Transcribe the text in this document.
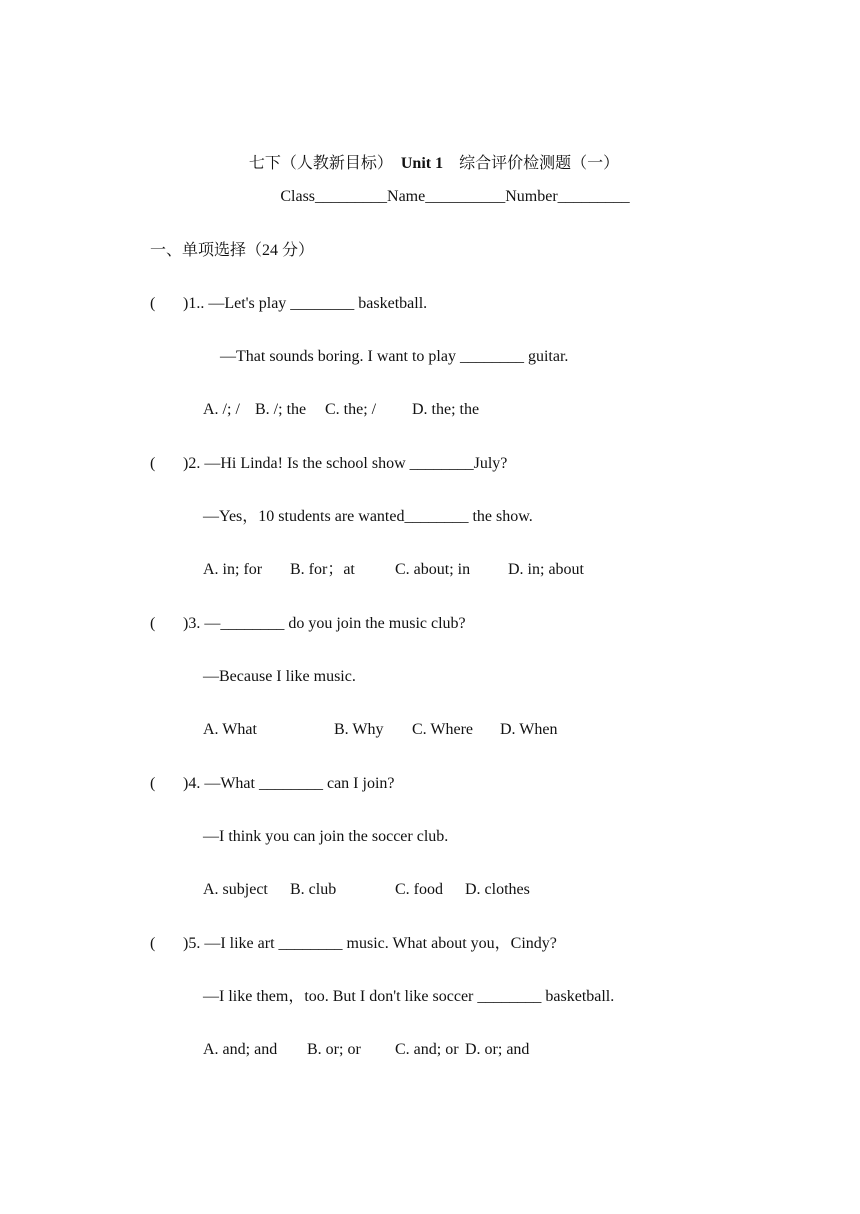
七下（人教新目标） Unit 1 综合评价检测题（一）

Class_________Name__________Number_________
一、单项选择（24 分）
( )1.. —Let's play ________ basketball.
—That sounds boring. I want to play ________ guitar.
A. /; / B. /; the C. the; / D. the; the
( )2. —Hi Linda! Is the school show ________July?
—Yes，10 students are wanted________ the show.
A. in; for B. for；at	C. about; in D. in; about
( )3. —________ do you join the music club?
—Because I like music.
A. What	B. Why C. Where D. When
( )4. —What ________ can I join?
—I think you can join the soccer club.
A. subject B. club	C. food D. clothes
( )5. —I like art ________ music. What about you，Cindy?
—I like them，too. But I don't like soccer ________ basketball.
A. and; and B. or; or C. and; or D. or; and
